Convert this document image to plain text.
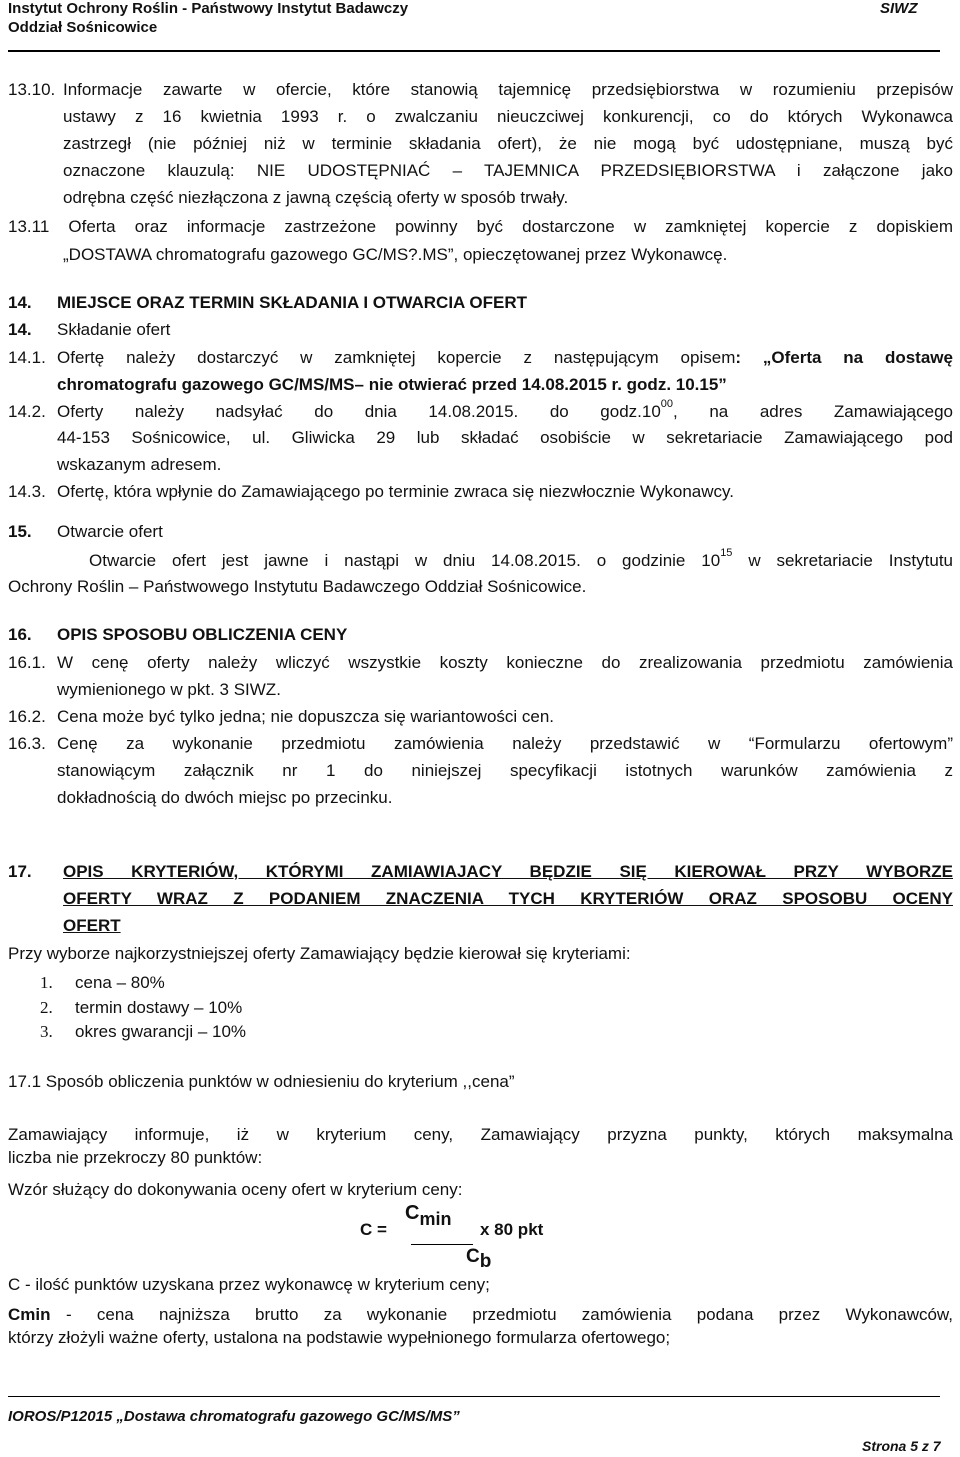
Instytut Ochrony Roślin - Państwowy Instytut Badawczy
Oddział Sośnicowice
SIWZ
13.10. Informacje zawarte w ofercie, które stanowią tajemnicę przedsiębiorstwa w rozumieniu przepisów
ustawy z 16 kwietnia 1993 r. o zwalczaniu nieuczciwej konkurencji, co do których Wykonawca
zastrzegł (nie później niż w terminie składania ofert), że nie mogą być udostępniane, muszą być
oznaczone klauzulą: NIE UDOSTĘPNIAĆ – TAJEMNICA PRZEDSIĘBIORSTWA i załączone jako
odrębna część niezłączona z jawną częścią oferty w sposób trwały.
13.11 Oferta oraz informacje zastrzeżone powinny być dostarczone w zamkniętej kopercie z dopiskiem
„DOSTAWA chromatografu gazowego GC/MS?.MS”, opieczętowanej przez Wykonawcę.
14. MIEJSCE ORAZ TERMIN SKŁADANIA I OTWARCIA OFERT
14. Składanie ofert
14.1. Ofertę należy dostarczyć w zamkniętej kopercie z następującym opisem: „Oferta na dostawę
chromatografu gazowego GC/MS/MS– nie otwierać przed 14.08.2015 r. godz. 10.15”
14.2. Oferty należy nadsyłać do dnia 14.08.2015. do $godz.10^{00}$, na adres Zamawiającego
44-153 Sośnicowice, ul. Gliwicka 29 lub składać osobiście w sekretariacie Zamawiającego pod
wskazanym adresem.
14.3. Ofertę, która wpłynie do Zamawiającego po terminie zwraca się niezwłocznie Wykonawcy.
15. Otwarcie ofert
Otwarcie ofert jest jawne i nastąpi w dniu 14.08.2015. o godzinie $10^{15}$ w sekretariacie Instytutu
Ochrony Roślin – Państwowego Instytutu Badawczego Oddział Sośnicowice.
16. OPIS SPOSOBU OBLICZENIA CENY
16.1. W cenę oferty należy wliczyć wszystkie koszty konieczne do zrealizowania przedmiotu zamówienia
wymienionego w pkt. 3 SIWZ.
16.2. Cena może być tylko jedna; nie dopuszcza się wariantowości cen.
16.3. Cenę za wykonanie przedmiotu zamówienia należy przedstawić w “Formularzu ofertowym”
stanowiącym załącznik nr 1 do niniejszej specyfikacji istotnych warunków zamówienia z
dokładnością do dwóch miejsc po przecinku.
17. OPIS KRYTERIÓW, KTÓRYMI ZAMIAWIAJACY BĘDZIE SIĘ KIEROWAŁ PRZY WYBORZE
OFERTY WRAZ Z PODANIEM ZNACZENIA TYCH KRYTERIÓW ORAZ SPOSOBU OCENY
OFERT
Przy wyborze najkorzystniejszej oferty Zamawiający będzie kierował się kryteriami:
1. cena – 80%
2. termin dostawy – 10%
3. okres gwarancji – 10%
17.1 Sposób obliczenia punktów w odniesieniu do kryterium ,,cena”
Zamawiający informuje, iż w kryterium ceny, Zamawiający przyzna punkty, których maksymalna
liczba nie przekroczy 80 punktów:
Wzór służący do dokonywania oceny ofert w kryterium ceny:
C =
Cmin
x 80 pkt
Cb
C - ilość punktów uzyskana przez wykonawcę w kryterium ceny;
Cmin - cena najniższa brutto za wykonanie przedmiotu zamówienia podana przez Wykonawców,
którzy złożyli ważne oferty, ustalona na podstawie wypełnionego formularza ofertowego;
IOROS/P12015 „Dostawa chromatografu gazowego GC/MS/MS”
Strona 5 z 7
